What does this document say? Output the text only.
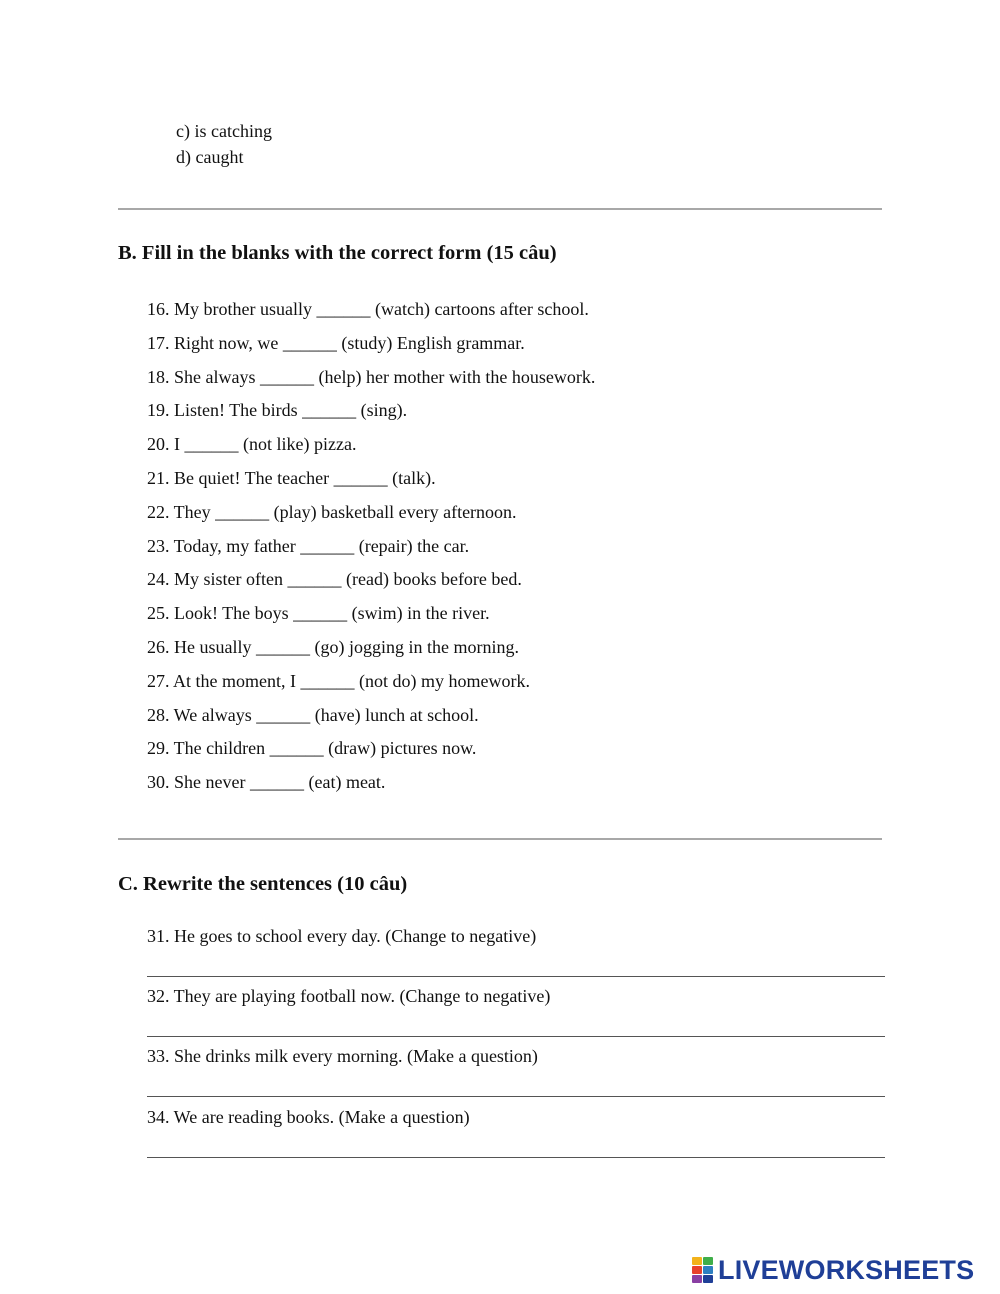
c) is catching
d) caught
B. Fill in the blanks with the correct form (15 câu)
16. My brother usually ______ (watch) cartoons after school.
17. Right now, we ______ (study) English grammar.
18. She always ______ (help) her mother with the housework.
19. Listen! The birds ______ (sing).
20. I ______ (not like) pizza.
21. Be quiet! The teacher ______ (talk).
22. They ______ (play) basketball every afternoon.
23. Today, my father ______ (repair) the car.
24. My sister often ______ (read) books before bed.
25. Look! The boys ______ (swim) in the river.
26. He usually ______ (go) jogging in the morning.
27. At the moment, I ______ (not do) my homework.
28. We always ______ (have) lunch at school.
29. The children ______ (draw) pictures now.
30. She never ______ (eat) meat.
C. Rewrite the sentences (10 câu)
31. He goes to school every day. (Change to negative)
32. They are playing football now. (Change to negative)
33. She drinks milk every morning. (Make a question)
34. We are reading books. (Make a question)
LIVEWORKSHEETS
